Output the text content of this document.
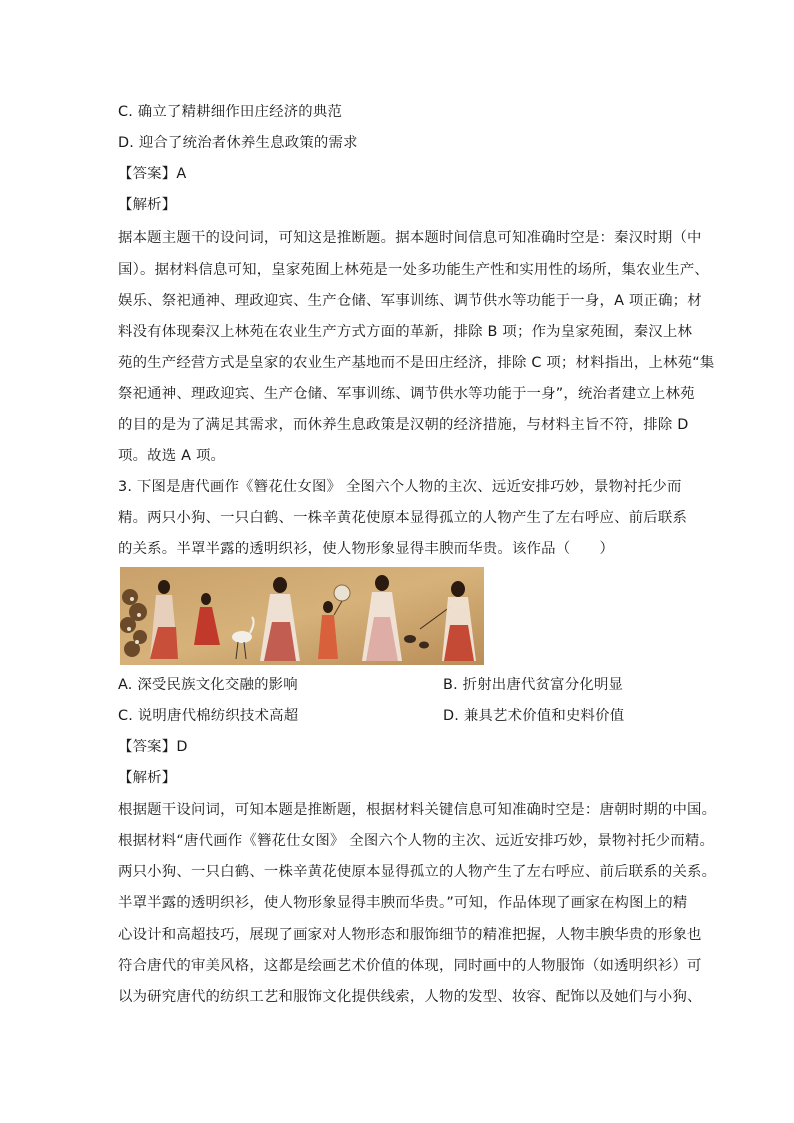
C. 确立了精耕细作田庄经济的典范
D. 迎合了统治者休养生息政策的需求
【答案】A
【解析】
据本题主题干的设问词，可知这是推断题。据本题时间信息可知准确时空是：秦汉时期（中
国）。据材料信息可知，皇家苑囿上林苑是一处多功能生产性和实用性的场所，集农业生产、
娱乐、祭祀通神、理政迎宾、生产仓储、军事训练、调节供水等功能于一身，A 项正确；材
料没有体现秦汉上林苑在农业生产方式方面的革新，排除 B 项；作为皇家苑囿，秦汉上林
苑的生产经营方式是皇家的农业生产基地而不是田庄经济，排除 C 项；材料指出，上林苑“集
祭祀通神、理政迎宾、生产仓储、军事训练、调节供水等功能于一身”，统治者建立上林苑
的目的是为了满足其需求，而休养生息政策是汉朝的经济措施，与材料主旨不符，排除 D
项。故选 A 项。
3. 下图是唐代画作《簪花仕女图》 全图六个人物的主次、远近安排巧妙，景物衬托少而
精。两只小狗、一只白鹤、一株辛黄花使原本显得孤立的人物产生了左右呼应、前后联系
的关系。半罩半露的透明织衫，使人物形象显得丰腴而华贵。该作品（　　）
A. 深受民族文化交融的影响	B. 折射出唐代贫富分化明显
C. 说明唐代棉纺织技术高超	D. 兼具艺术价值和史料价值
【答案】D
【解析】
根据题干设问词，可知本题是推断题，根据材料关键信息可知准确时空是：唐朝时期的中国。
根据材料“唐代画作《簪花仕女图》 全图六个人物的主次、远近安排巧妙，景物衬托少而精。
两只小狗、一只白鹤、一株辛黄花使原本显得孤立的人物产生了左右呼应、前后联系的关系。
半罩半露的透明织衫，使人物形象显得丰腴而华贵。”可知，作品体现了画家在构图上的精
心设计和高超技巧，展现了画家对人物形态和服饰细节的精准把握，人物丰腴华贵的形象也
符合唐代的审美风格，这都是绘画艺术价值的体现，同时画中的人物服饰（如透明织衫）可
以为研究唐代的纺织工艺和服饰文化提供线索，人物的发型、妆容、配饰以及她们与小狗、
